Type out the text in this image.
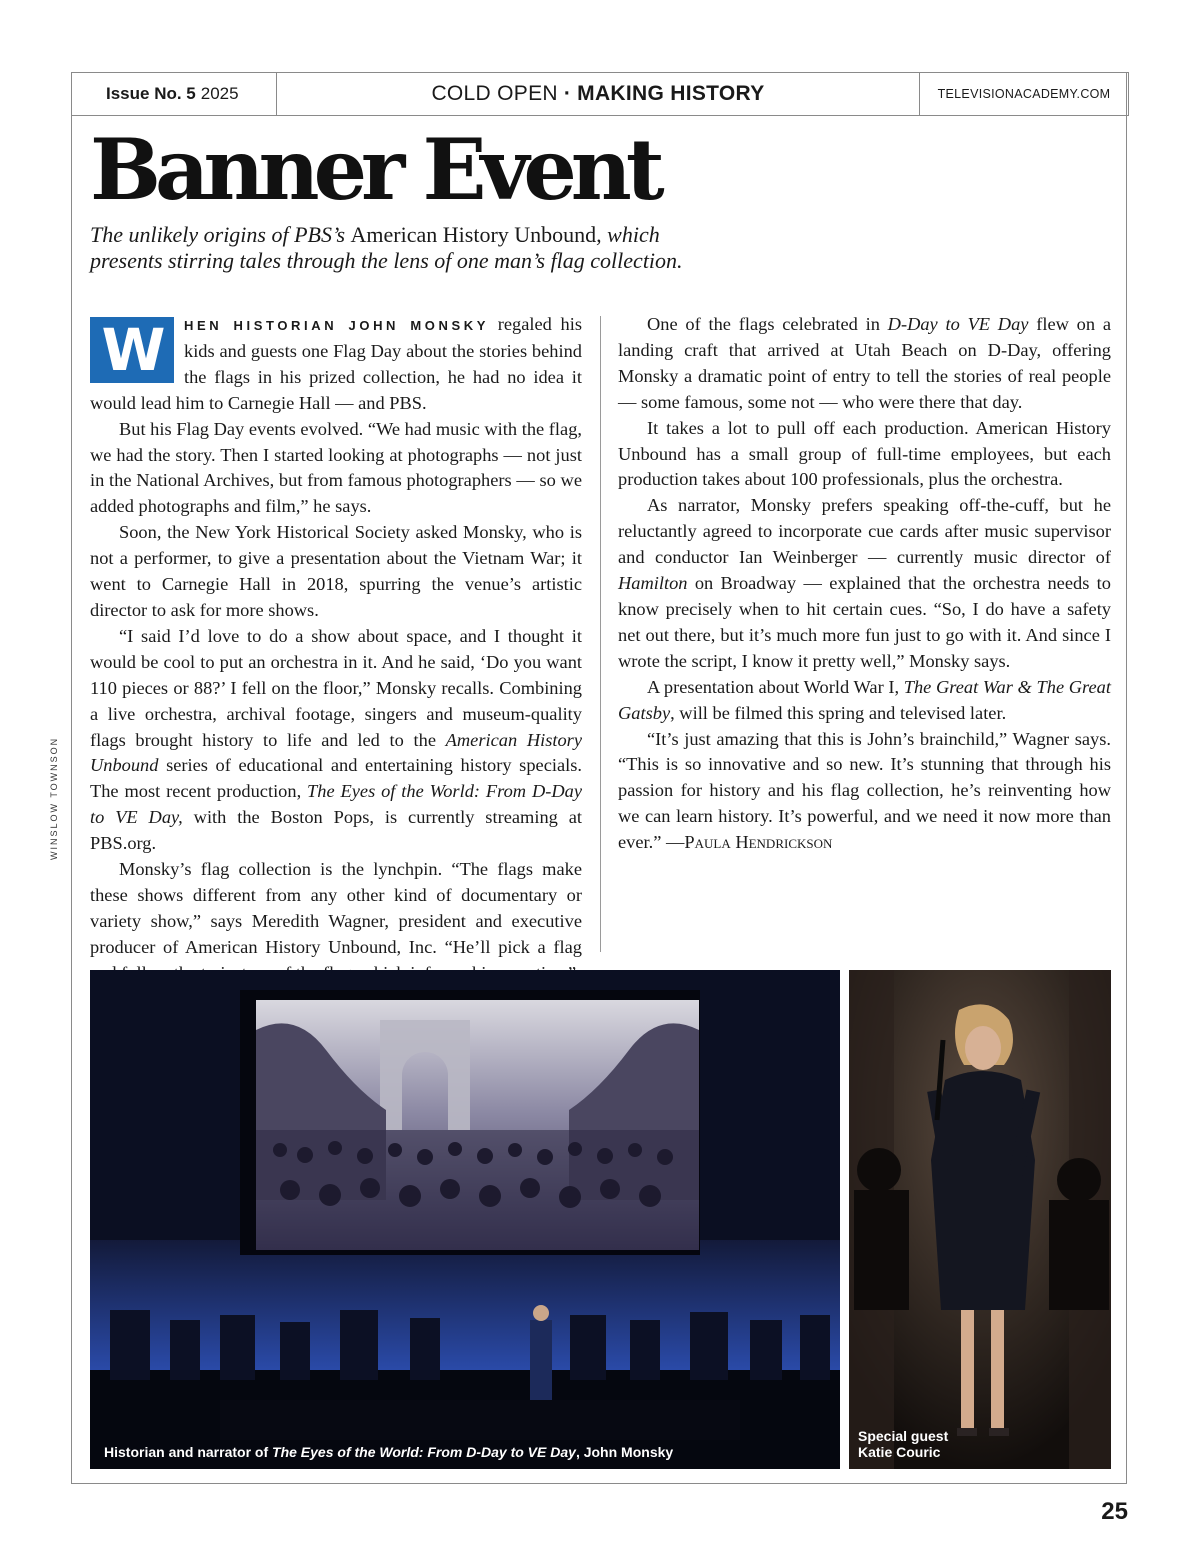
Issue No. 5 2025	COLD OPEN · MAKING HISTORY	TELEVISIONACADEMY.COM
Banner Event
The unlikely origins of PBS’s American History Unbound, which presents stirring tales through the lens of one man’s flag collection.

W	HEN HISTORIAN JOHN MONSKY regaled his kids and guests one Flag Day about the stories behind the flags in his prized collection, he had no idea it would lead him to Carnegie Hall — and PBS.

But his Flag Day events evolved. “We had music with the flag, we had the story. Then I started looking at photographs — not just in the National Archives, but from famous photographers — so we added photographs and film,” he says.

Soon, the New York Historical Society asked Monsky, who is not a performer, to give a presentation about the Vietnam War; it went to Carnegie Hall in 2018, spurring the venue’s artistic director to ask for more shows.

“I said I’d love to do a show about space, and I thought it would be cool to put an orchestra in it. And he said, ‘Do you want 110 pieces or 88?’ I fell on the floor,” Monsky recalls. Combining a live orchestra, archival footage, singers and museum-quality flags brought history to life and led to the American History Unbound series of educational and entertaining history specials. The most recent production, The Eyes of the World: From D-Day to VE Day, with the Boston Pops, is currently streaming at PBS.org.

Monsky’s flag collection is the lynchpin. “The flags make these shows different from any other kind of documentary or variety show,” says Meredith Wagner, president and executive producer of American History Unbound, Inc. “He’ll pick a flag

One of the flags celebrated in D-Day to VE Day flew on a landing craft that arrived at Utah Beach on D-Day, offering Monsky a dramatic point of entry to tell the stories of real people — some famous, some not — who were there that day.

It takes a lot to pull off each production. American History Unbound has a small group of full-time employees, but each production takes about 100 professionals, plus the orchestra.

As narrator, Monsky prefers speaking off-the-cuff, but he reluctantly agreed to incorporate cue cards after music supervisor and conductor Ian Weinberger — currently music director of Hamilton on Broadway — explained that the orchestra needs to know precisely when to hit certain cues. “So, I do have a safety net out there, but it’s much more fun just to go with it. And since I wrote the script, I know it pretty well,” Monsky says.

A presentation about World War I, The Great War & The Great Gatsby, will be filmed this spring and televised later.

“It’s just amazing that this is John’s brainchild,” Wagner says. “This is so innovative and so new. It’s stunning that through his passion for history and his flag collection, he’s reinventing how we can learn history. It’s powerful, and we need it now more than ever.” —Paula Hendrickson

WINSLOW TOWNSON
Historian and narrator of The Eyes of the World: From D-Day to VE Day, John Monsky
Special guest
Katie Couric
25
